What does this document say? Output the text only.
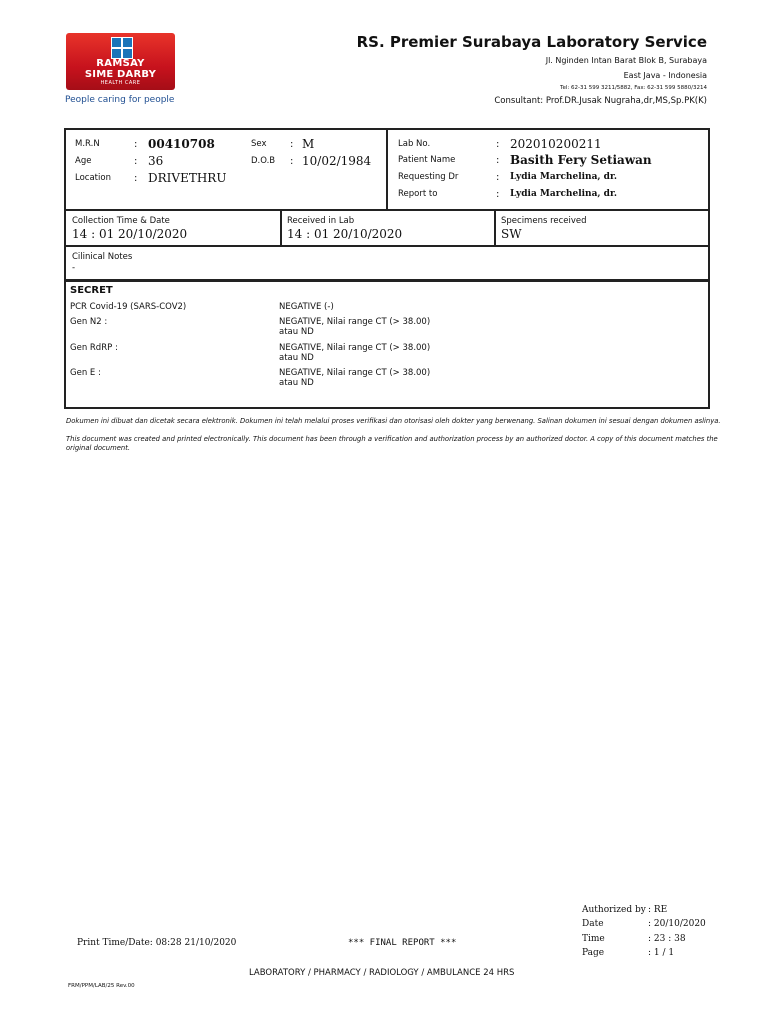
RAMSAY
SIME DARBY
HEALTH CARE
People caring for people
RS. Premier Surabaya Laboratory Service
Jl. Nginden Intan Barat Blok B, Surabaya
East Java - Indonesia
Tel: 62-31 599 3211/5882, Fax: 62-31 599 5880/3214
Consultant: Prof.DR.Jusak Nugraha,dr,MS,Sp.PK(K)
M.R.N	: 00410708
Age	: 36
Location : DRIVETHRU
Sex : M
D.O.B : 10/02/1984
Lab No.	: 202010200211
Patient Name	: Basith Fery Setiawan
Requesting Dr	: Lydia Marchelina, dr.
Report to	: Lydia Marchelina, dr.
Collection Time & Date
14 : 01 20/10/2020
Received in Lab
14 : 01 20/10/2020
Specimens received
SW
Cilinical Notes
-
SECRET
PCR Covid-19 (SARS-COV2)	NEGATIVE (-)
Gen N2 :	NEGATIVE, Nilai range CT (> 38.00)
atau ND
Gen RdRP :	NEGATIVE, Nilai range CT (> 38.00)
atau ND
Gen E :	NEGATIVE, Nilai range CT (> 38.00)
atau ND
Dokumen ini dibuat dan dicetak secara elektronik. Dokumen ini telah melalui proses verifikasi dan otorisasi oleh dokter yang berwenang. Salinan dokumen ini sesuai dengan dokumen aslinya.
This document was created and printed electronically. This document has been through a verification and authorization process by an authorized doctor. A copy of this document matches the original document.
Authorized by : RE
Date	: 20/10/2020
Time	: 23 : 38
Page	: 1 / 1
Print Time/Date: 08:28 21/10/2020	*** FINAL REPORT ***
LABORATORY / PHARMACY / RADIOLOGY / AMBULANCE 24 HRS
FRM/PPM/LAB/25 Rev.00
